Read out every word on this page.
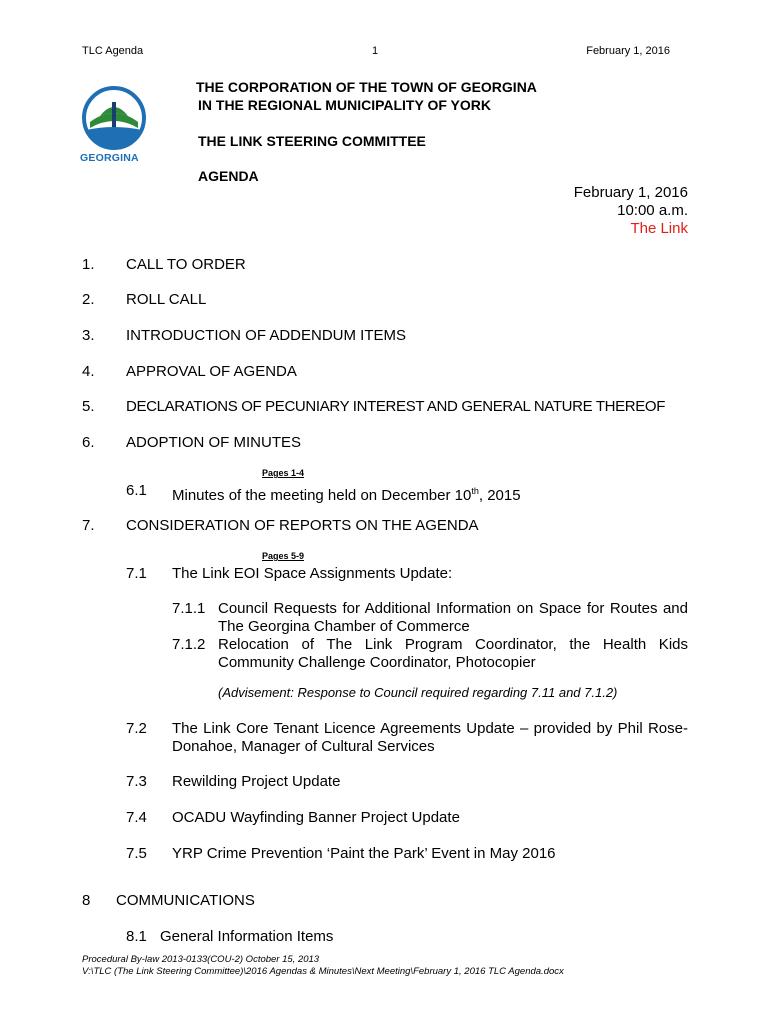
TLC Agenda	1	February 1, 2016
GEORGINA
THE CORPORATION OF THE TOWN OF GEORGINA
IN THE REGIONAL MUNICIPALITY OF YORK
THE LINK STEERING COMMITTEE
AGENDA
February 1, 2016
10:00 a.m.
The Link
1. CALL TO ORDER
2. ROLL CALL
3. INTRODUCTION OF ADDENDUM ITEMS
4. APPROVAL OF AGENDA
5. DECLARATIONS OF PECUNIARY INTEREST AND GENERAL NATURE THEREOF
6. ADOPTION OF MINUTES
Pages 1-4
6.1 Minutes of the meeting held on December 10th, 2015
7. CONSIDERATION OF REPORTS ON THE AGENDA
Pages 5-9
7.1 The Link EOI Space Assignments Update:
7.1.1 Council Requests for Additional Information on Space for Routes and
The Georgina Chamber of Commerce
7.1.2 Relocation of The Link Program Coordinator, the Health Kids
Community Challenge Coordinator, Photocopier
(Advisement: Response to Council required regarding 7.11 and 7.1.2)
7.2 The Link Core Tenant Licence Agreements Update – provided by Phil Rose-
Donahoe, Manager of Cultural Services
7.3 Rewilding Project Update
7.4 OCADU Wayfinding Banner Project Update
7.5 YRP Crime Prevention ‘Paint the Park’ Event in May 2016
8 COMMUNICATIONS
8.1 General Information Items
Procedural By-law 2013-0133(COU-2) October 15, 2013
V:\TLC (The Link Steering Committee)\2016 Agendas & Minutes\Next Meeting\February 1, 2016 TLC Agenda.docx
